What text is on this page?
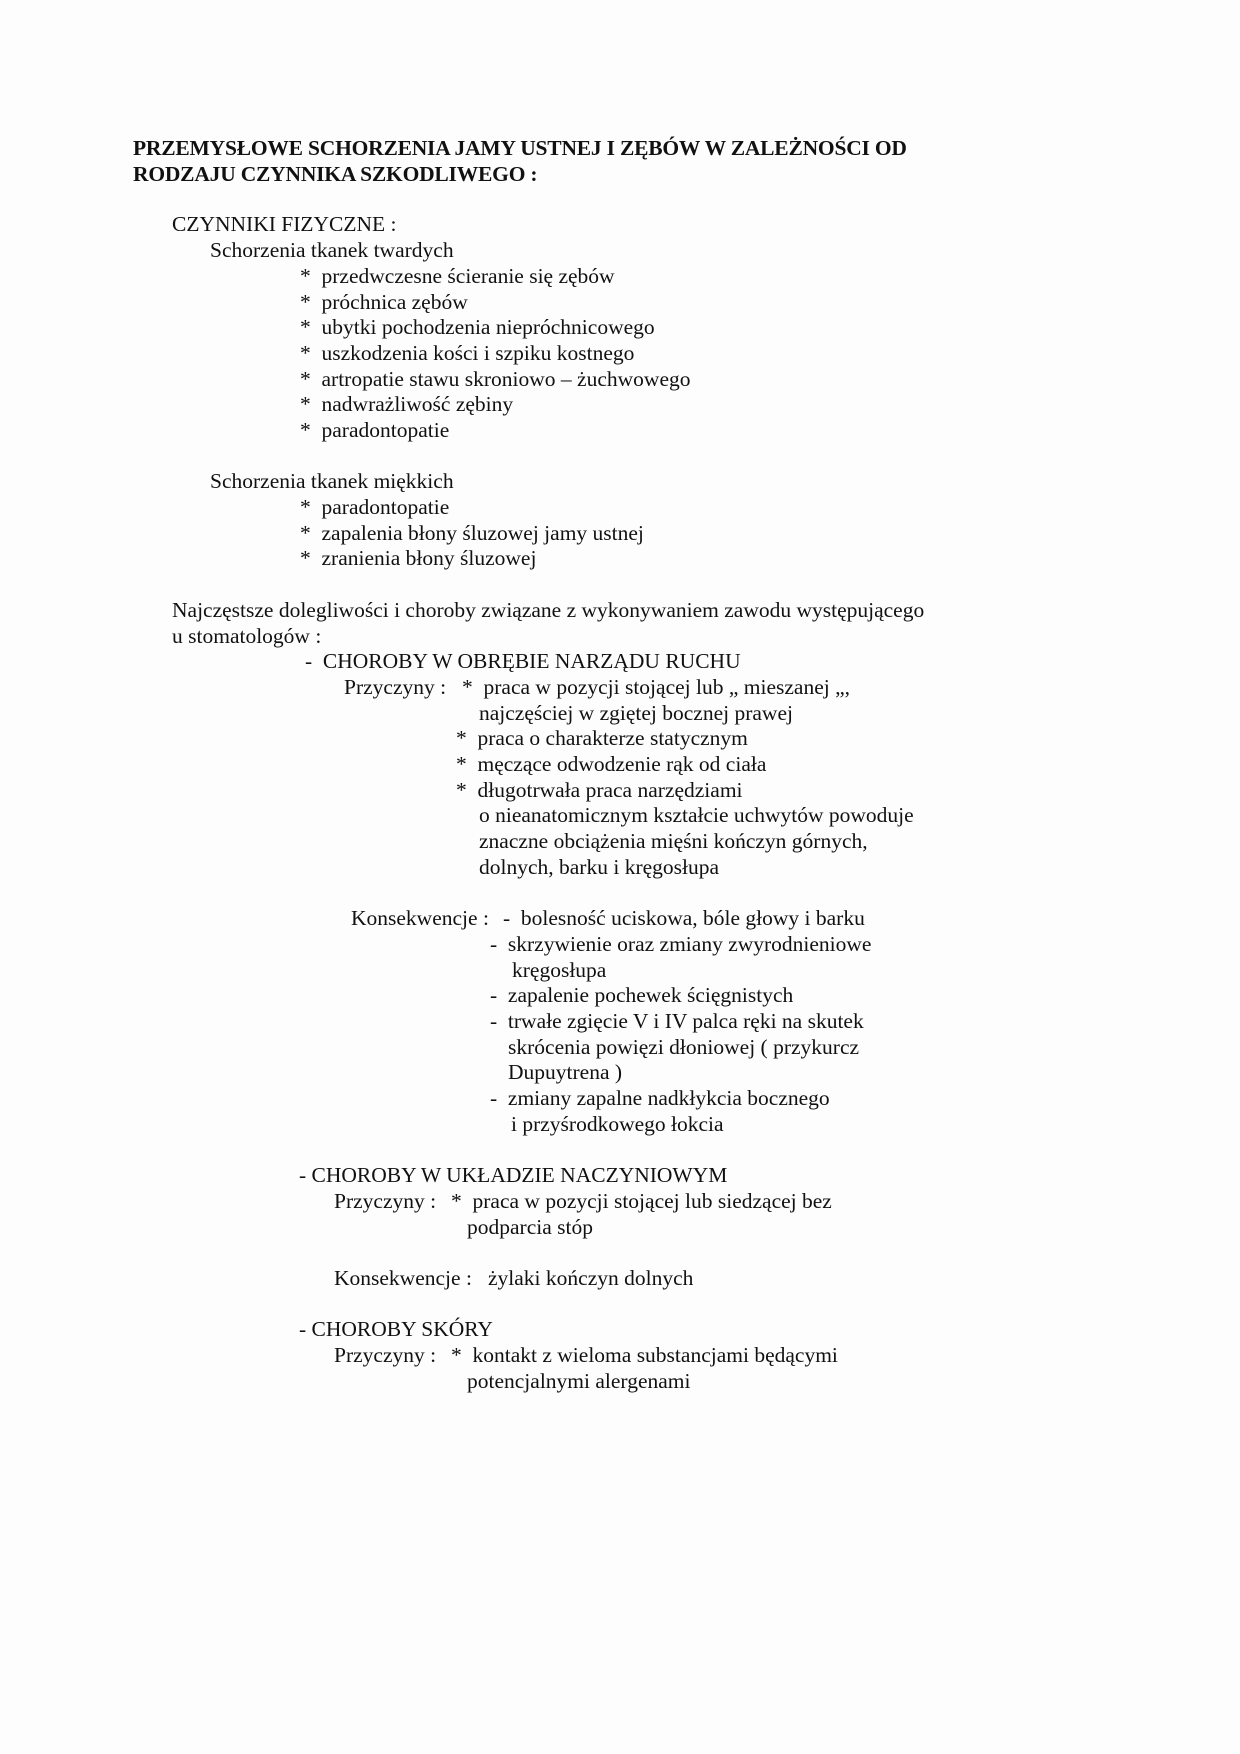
PRZEMYSŁOWE SCHORZENIA JAMY USTNEJ I ZĘBÓW W ZALEŻNOŚCI OD
RODZAJU CZYNNIKA SZKODLIWEGO :
CZYNNIKI FIZYCZNE :
Schorzenia tkanek twardych
*  przedwczesne ścieranie się zębów
*  próchnica zębów
*  ubytki pochodzenia niepróchnicowego
*  uszkodzenia kości i szpiku kostnego
*  artropatie stawu skroniowo – żuchwowego
*  nadwrażliwość zębiny
*  paradontopatie
Schorzenia tkanek miękkich
*  paradontopatie
*  zapalenia błony śluzowej jamy ustnej
*  zranienia błony śluzowej
Najczęstsze dolegliwości i choroby związane z wykonywaniem zawodu występującego
u stomatologów :
-  CHOROBY W OBRĘBIE NARZĄDU RUCHU
Przyczyny : *  praca w pozycji stojącej lub „ mieszanej „,
najczęściej w zgiętej bocznej prawej
*  praca o charakterze statycznym
*  męczące odwodzenie rąk od ciała
*  długotrwała praca narzędziami
o nieanatomicznym kształcie uchwytów powoduje
znaczne obciążenia mięśni kończyn górnych,
dolnych, barku i kręgosłupa
Konsekwencje : -  bolesność uciskowa, bóle głowy i barku
-  skrzywienie oraz zmiany zwyrodnieniowe
kręgosłupa
-  zapalenie pochewek ścięgnistych
-  trwałe zgięcie V i IV palca ręki na skutek
skrócenia powięzi dłoniowej ( przykurcz
Dupuytrena )
-  zmiany zapalne nadkłykcia bocznego
i przyśrodkowego łokcia
- CHOROBY W UKŁADZIE NACZYNIOWYM
Przyczyny : *  praca w pozycji stojącej lub siedzącej bez
podparcia stóp
Konsekwencje : żylaki kończyn dolnych
- CHOROBY SKÓRY
Przyczyny : *  kontakt z wieloma substancjami będącymi
potencjalnymi alergenami
